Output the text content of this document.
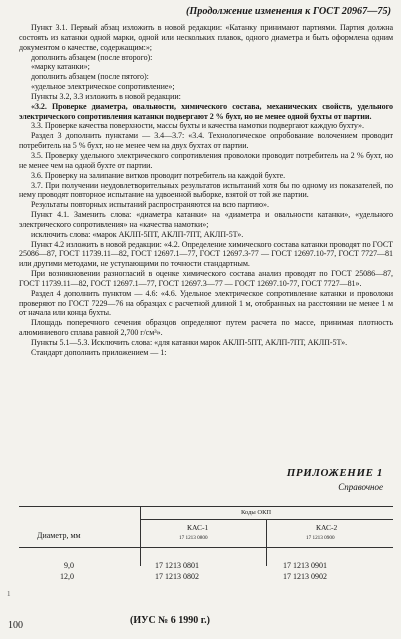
(Продолжение изменения к ГОСТ 20967—75)

Пункт 3.1. Первый абзац изложить в новой редакции: «Катанку принимают партиями. Партия должна состоять из катанки одной марки, одной или нескольких плавок, одного диаметра и быть оформлена одним документом о качестве, содержащим:»;

дополнить абзацем (после второго):

«марку катанки»;

дополнить абзацем (после пятого):

«удельное электрическое сопротивление»;

Пункты 3.2, 3.3 изложить в новой редакции:

«3.2. Проверке диаметра, овальности, химического состава, механических свойств, удельного электрического сопротивления катанки подвергают 2 % бухт, но не менее одной бухты от партии.

3.3. Проверке качества поверхности, массы бухты и качества намотки подвергают каждую бухту».

Раздел 3 дополнить пунктами — 3.4—3.7: «3.4. Технологическое опробование волочением проводит потребитель на 5 % бухт, но не менее чем на двух бухтах от партии.

3.5. Проверку удельного электрического сопротивления проволоки проводит потребитель на 2 % бухт, но не менее чем на одной бухте от партии.

3.6. Проверку на залипание витков проводит потребитель на каждой бухте.

3.7. При получении неудовлетворительных результатов испытаний хотя бы по одному из показателей, по нему проводят повторное испытание на удвоенной выборке, взятой от той же партии.

Результаты повторных испытаний распространяются на всю партию».

Пункт 4.1. Заменить слова: «диаметра катанки» на «диаметра и овальности катанки», «удельного электрического сопротивления» на «качества намотки»;

исключить слова: «марок АКЛП-5ПТ, АКЛП-7ПТ, АКЛП-5Т».

Пункт 4.2 изложить в новой редакции: «4.2. Определение химического состава катанки проводят по ГОСТ 25086—87, ГОСТ 11739.11—82, ГОСТ 12697.1—77, ГОСТ 12697.3-77 — ГОСТ 12697.10-77, ГОСТ 7727—81 или другими методами, не уступающими по точности стандартным.

При возникновении разногласий в оценке химического состава анализ проводят по ГОСТ 25086—87, ГОСТ 11739.11—82, ГОСТ 12697.1—77, ГОСТ 12697.3—77 — ГОСТ 12697.10-77, ГОСТ 7727—81».

Раздел 4 дополнить пунктом — 4.6: «4.6. Удельное электрическое сопротивление катанки и проволоки проверяют по ГОСТ 7229—76 на образцах с расчетной длиной 1 м, отобранных на расстоянии не менее 1 м от начала или конца бухты.

Площадь поперечного сечения образцов определяют путем расчета по массе, принимая плотность алюминиевого сплава равной 2,700 г/см³».

Пункты 5.1—5.3. Исключить слова: «для катанки марок АКЛП-5ПТ, АКЛП-7ПТ, АКЛП-5Т».

Стандарт дополнить приложением — 1:

ПРИЛОЖЕНИЕ 1
Справочное
Диаметр, мм
Коды ОКП
КАС-1
17 1213 0800
КАС-2
17 1213 0900
9,0	17 1213 0801	17 1213 0901
12,0	17 1213 0802	17 1213 0902
1
(ИУС № 6 1990 г.)
100
